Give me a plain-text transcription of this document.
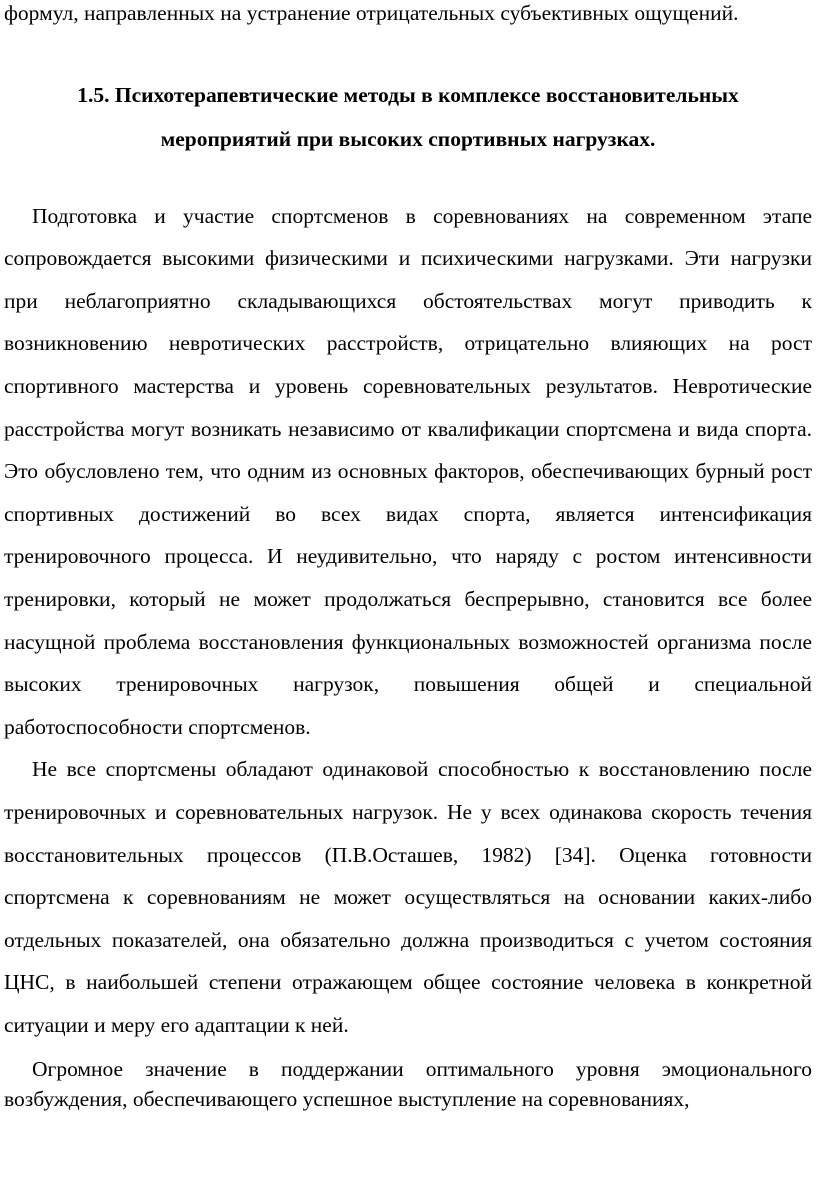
формул, направленных на устранение отрицательных субъективных ощущений.

1.5. Психотерапевтические методы в комплексе восстановительных

мероприятий при высоких спортивных нагрузках.

Подготовка и участие спортсменов в соревнованиях на современном этапе сопровождается высокими физическими и психическими нагрузками. Эти нагрузки при неблагоприятно складывающихся обстоятельствах могут приводить к возникновению невротических расстройств, отрицательно влияющих на рост спортивного мастерства и уровень соревновательных результатов. Невротические расстройства могут возникать независимо от квалификации спортсмена и вида спорта. Это обусловлено тем, что одним из основных факторов, обеспечивающих бурный рост спортивных достижений во всех видах спорта, является интенсификация тренировочного процесса. И неудивительно, что наряду с ростом интенсивности тренировки, который не может продолжаться беспрерывно, становится все более насущной проблема восстановления функциональных возможностей организма после высоких тренировочных нагрузок, повышения общей и специальной работоспособности спортсменов.

Не все спортсмены обладают одинаковой способностью к восстановлению после тренировочных и соревновательных нагрузок. Не у всех одинакова скорость течения восстановительных процессов (П.В.Осташев, 1982) [34]. Оценка готовности спортсмена к соревнованиям не может осуществляться на основании каких-либо отдельных показателей, она обязательно должна производиться с учетом состояния ЦНС, в наибольшей степени отражающем общее состояние человека в конкретной ситуации и меру его адаптации к ней.

Огромное значение в поддержании оптимального уровня эмоционального возбуждения, обеспечивающего успешное выступление на соревнованиях,
